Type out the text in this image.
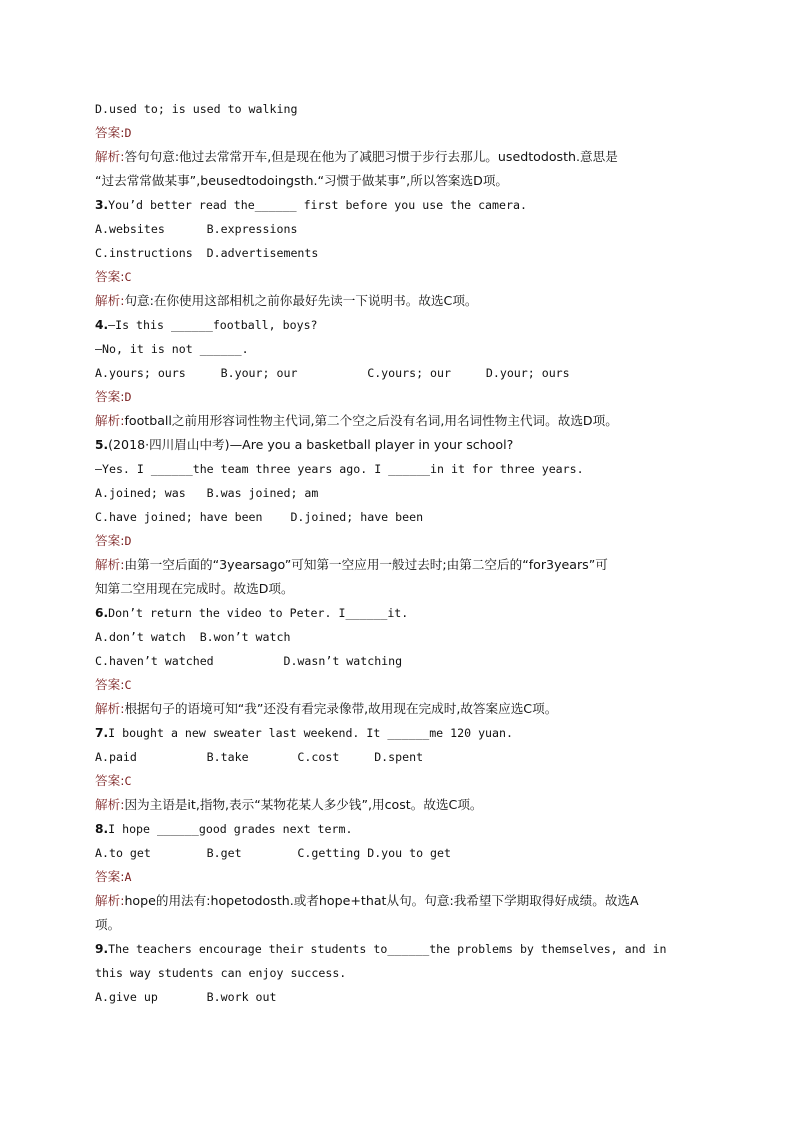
D.used to; is used to walking
答案:D
解析:答句句意:他过去常常开车,但是现在他为了减肥习惯于步行去那儿。usedtodosth.意思是
“过去常常做某事”,beusedtodoingsth.“习惯于做某事”,所以答案选D项。
3.You’d better read the______ first before you use the camera.
A.websites      B.expressions
C.instructions  D.advertisements
答案:C
解析:句意:在你使用这部相机之前你最好先读一下说明书。故选C项。
4.—Is this ______football, boys?
—No, it is not ______.
A.yours; ours     B.your; our          C.yours; our     D.your; ours
答案:D
解析:football之前用形容词性物主代词,第二个空之后没有名词,用名词性物主代词。故选D项。
5.(2018·四川眉山中考)—Are you a basketball player in your school?
—Yes. I ______the team three years ago. I ______in it for three years.
A.joined; was   B.was joined; am
C.have joined; have been    D.joined; have been
答案:D
解析:由第一空后面的“3yearsago”可知第一空应用一般过去时;由第二空后的“for3years”可
知第二空用现在完成时。故选D项。
6.Don’t return the video to Peter. I______it.
A.don’t watch  B.won’t watch
C.haven’t watched          D.wasn’t watching
答案:C
解析:根据句子的语境可知“我”还没有看完录像带,故用现在完成时,故答案应选C项。
7.I bought a new sweater last weekend. It ______me 120 yuan.
A.paid          B.take       C.cost     D.spent
答案:C
解析:因为主语是it,指物,表示“某物花某人多少钱”,用cost。故选C项。
8.I hope ______good grades next term.
A.to get        B.get        C.getting D.you to get
答案:A
解析:hope的用法有:hopetodosth.或者hope+that从句。句意:我希望下学期取得好成绩。故选A
项。
9.The teachers encourage their students to______the problems by themselves, and in
this way students can enjoy success.
A.give up       B.work out
